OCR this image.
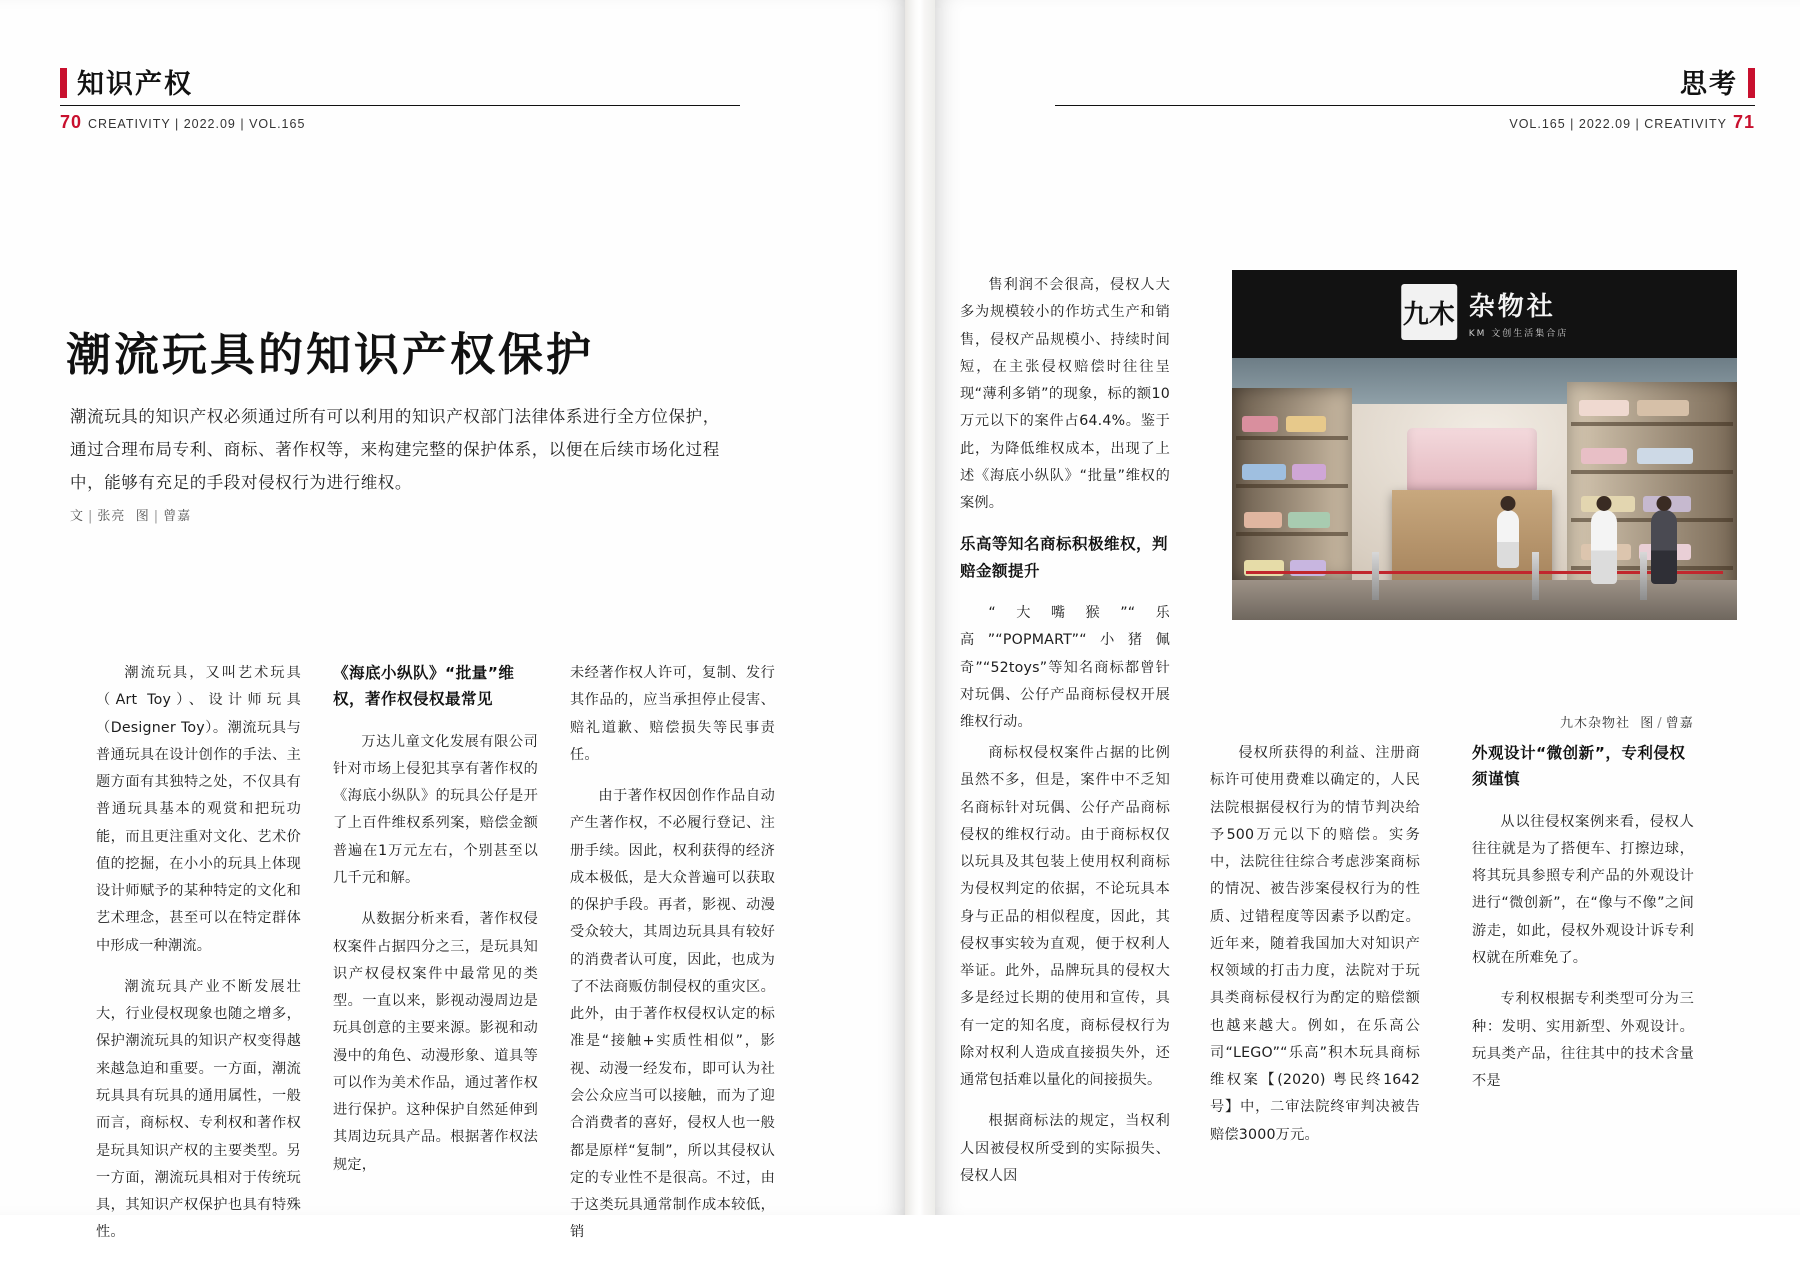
知识产权
70 CREATIVITY | 2022.09 | VOL.165
思考
VOL.165 | 2022.09 | CREATIVITY 71
潮流玩具的知识产权保护
潮流玩具的知识产权必须通过所有可以利用的知识产权部门法律体系进行全方位保护，通过合理布局专利、商标、著作权等，来构建完整的保护体系，以便在后续市场化过程中，能够有充足的手段对侵权行为进行维权。
文 | 张亮 图 | 曾嘉

潮流玩具，又叫艺术玩具（Art Toy）、设计师玩具（Designer Toy）。潮流玩具与普通玩具在设计创作的手法、主题方面有其独特之处，不仅具有普通玩具基本的观赏和把玩功能，而且更注重对文化、艺术价值的挖掘，在小小的玩具上体现设计师赋予的某种特定的文化和艺术理念，甚至可以在特定群体中形成一种潮流。

潮流玩具产业不断发展壮大，行业侵权现象也随之增多，保护潮流玩具的知识产权变得越来越急迫和重要。一方面，潮流玩具具有玩具的通用属性，一般而言，商标权、专利权和著作权是玩具知识产权的主要类型。另一方面，潮流玩具相对于传统玩具，其知识产权保护也具有特殊性。

《海底小纵队》“批量”维权，著作权侵权最常见

万达儿童文化发展有限公司针对市场上侵犯其享有著作权的《海底小纵队》的玩具公仔是开了上百件维权系列案，赔偿金额普遍在1万元左右，个别甚至以几千元和解。

从数据分析来看，著作权侵权案件占据四分之三，是玩具知识产权侵权案件中最常见的类型。一直以来，影视动漫周边是玩具创意的主要来源。影视和动漫中的角色、动漫形象、道具等可以作为美术作品，通过著作权进行保护。这种保护自然延伸到其周边玩具产品。根据著作权法规定，

未经著作权人许可，复制、发行其作品的，应当承担停止侵害、赔礼道歉、赔偿损失等民事责任。

由于著作权因创作作品自动产生著作权，不必履行登记、注册手续。因此，权利获得的经济成本极低，是大众普遍可以获取的保护手段。再者，影视、动漫受众较大，其周边玩具具有较好的消费者认可度，因此，也成为了不法商贩仿制侵权的重灾区。此外，由于著作权侵权认定的标准是“接触+实质性相似”，影视、动漫一经发布，即可认为社会公众应当可以接触，而为了迎合消费者的喜好，侵权人也一般都是原样“复制”，所以其侵权认定的专业性不是很高。不过，由于这类玩具通常制作成本较低，销

售利润不会很高，侵权人大多为规模较小的作坊式生产和销售，侵权产品规模小、持续时间短，在主张侵权赔偿时往往呈现“薄利多销”的现象，标的额10万元以下的案件占64.4%。鉴于此，为降低维权成本，出现了上述《海底小纵队》“批量”维权的案例。

乐高等知名商标积极维权，判赔金额提升

“大嘴猴”“乐高”“POPMART”“小猪佩奇”“52toys”等知名商标都曾针对玩偶、公仔产品商标侵权开展维权行动。

九木 杂物社
KM 文创生活集合店
九木杂物社 图 / 曾嘉

商标权侵权案件占据的比例虽然不多，但是，案件中不乏知名商标针对玩偶、公仔产品商标侵权的维权行动。由于商标权仅以玩具及其包装上使用权利商标为侵权判定的依据，不论玩具本身与正品的相似程度，因此，其侵权事实较为直观，便于权利人举证。此外，品牌玩具的侵权大多是经过长期的使用和宣传，具有一定的知名度，商标侵权行为除对权利人造成直接损失外，还通常包括难以量化的间接损失。

根据商标法的规定，当权利人因被侵权所受到的实际损失、侵权人因

侵权所获得的利益、注册商标许可使用费难以确定的，人民法院根据侵权行为的情节判决给予500万元以下的赔偿。实务中，法院往往综合考虑涉案商标的情况、被告涉案侵权行为的性质、过错程度等因素予以酌定。近年来，随着我国加大对知识产权领域的打击力度，法院对于玩具类商标侵权行为酌定的赔偿额也越来越大。例如，在乐高公司“LEGO”“乐高”积木玩具商标维权案【(2020) 粤民终1642号】中，二审法院终审判决被告赔偿3000万元。

外观设计“微创新”，专利侵权须谨慎

从以往侵权案例来看，侵权人往往就是为了搭便车、打擦边球，将其玩具参照专利产品的外观设计进行“微创新”，在“像与不像”之间游走，如此，侵权外观设计诉专利权就在所难免了。

专利权根据专利类型可分为三种：发明、实用新型、外观设计。玩具类产品，往往其中的技术含量不是
